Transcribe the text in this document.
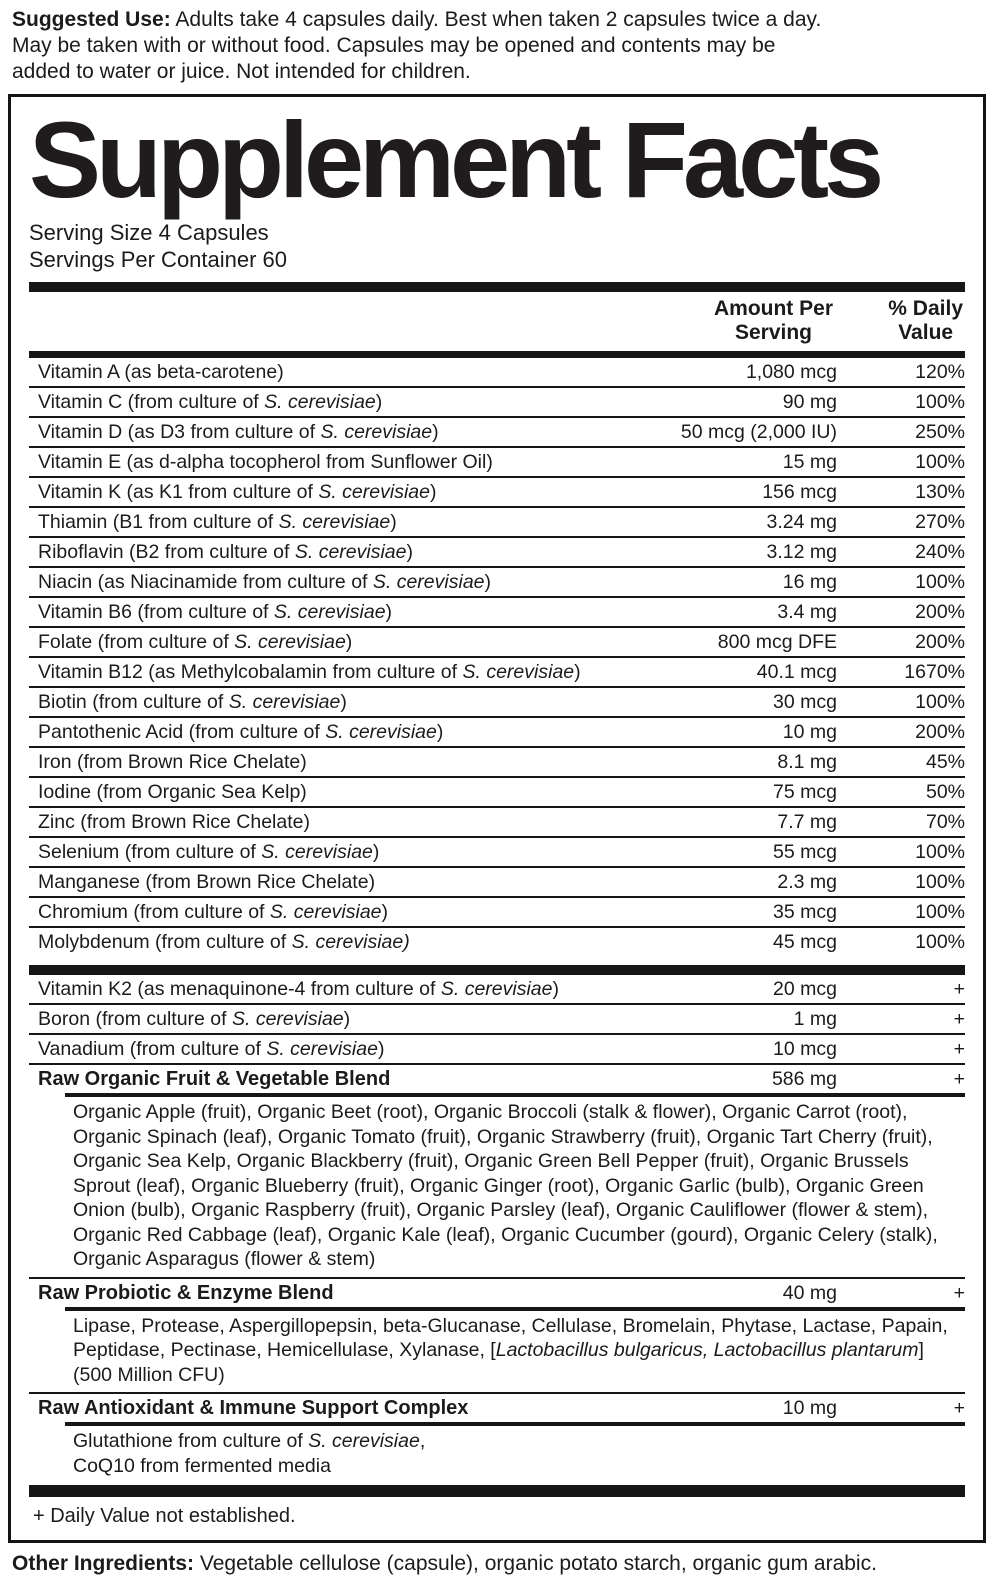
Suggested Use: Adults take 4 capsules daily. Best when taken 2 capsules twice a day.
May be taken with or without food. Capsules may be opened and contents may be
added to water or juice. Not intended for children.
Supplement Facts
Serving Size 4 Capsules
Servings Per Container 60
Amount Per
Serving
% Daily
Value
Vitamin A (as beta-carotene)	1,080 mcg	120%
Vitamin C (from culture of S. cerevisiae)	90 mg	100%
Vitamin D (as D3 from culture of S. cerevisiae)	50 mcg (2,000 IU)	250%
Vitamin E (as d-alpha tocopherol from Sunflower Oil)	15 mg	100%
Vitamin K (as K1 from culture of S. cerevisiae)	156 mcg	130%
Thiamin (B1 from culture of S. cerevisiae)	3.24 mg	270%
Riboflavin (B2 from culture of S. cerevisiae)	3.12 mg	240%
Niacin (as Niacinamide from culture of S. cerevisiae)	16 mg	100%
Vitamin B6 (from culture of S. cerevisiae)	3.4 mg	200%
Folate (from culture of S. cerevisiae)	800 mcg DFE	200%
Vitamin B12 (as Methylcobalamin from culture of S. cerevisiae)	40.1 mcg	1670%
Biotin (from culture of S. cerevisiae)	30 mcg	100%
Pantothenic Acid (from culture of S. cerevisiae)	10 mg	200%
Iron (from Brown Rice Chelate)	8.1 mg	45%
Iodine (from Organic Sea Kelp)	75 mcg	50%
Zinc (from Brown Rice Chelate)	7.7 mg	70%
Selenium (from culture of S. cerevisiae)	55 mcg	100%
Manganese (from Brown Rice Chelate)	2.3 mg	100%
Chromium (from culture of S. cerevisiae)	35 mcg	100%
Molybdenum (from culture of S. cerevisiae)	45 mcg	100%
Vitamin K2 (as menaquinone-4 from culture of S. cerevisiae)	20 mcg	+
Boron (from culture of S. cerevisiae)	1 mg	+
Vanadium (from culture of S. cerevisiae)	10 mcg	+
Raw Organic Fruit & Vegetable Blend	586 mg	+
Organic Apple (fruit), Organic Beet (root), Organic Broccoli (stalk & flower), Organic Carrot (root), Organic Spinach (leaf), Organic Tomato (fruit), Organic Strawberry (fruit), Organic Tart Cherry (fruit), Organic Sea Kelp, Organic Blackberry (fruit), Organic Green Bell Pepper (fruit), Organic Brussels Sprout (leaf), Organic Blueberry (fruit), Organic Ginger (root), Organic Garlic (bulb), Organic Green Onion (bulb), Organic Raspberry (fruit), Organic Parsley (leaf), Organic Cauliflower (flower & stem), Organic Red Cabbage (leaf), Organic Kale (leaf), Organic Cucumber (gourd), Organic Celery (stalk), Organic Asparagus (flower & stem)
Raw Probiotic & Enzyme Blend	40 mg	+
Lipase, Protease, Aspergillopepsin, beta-Glucanase, Cellulase, Bromelain, Phytase, Lactase, Papain, Peptidase, Pectinase, Hemicellulase, Xylanase, [Lactobacillus bulgaricus, Lactobacillus plantarum] (500 Million CFU)
Raw Antioxidant & Immune Support Complex	10 mg	+
Glutathione from culture of S. cerevisiae,
CoQ10 from fermented media
+ Daily Value not established.
Other Ingredients: Vegetable cellulose (capsule), organic potato starch, organic gum arabic.
